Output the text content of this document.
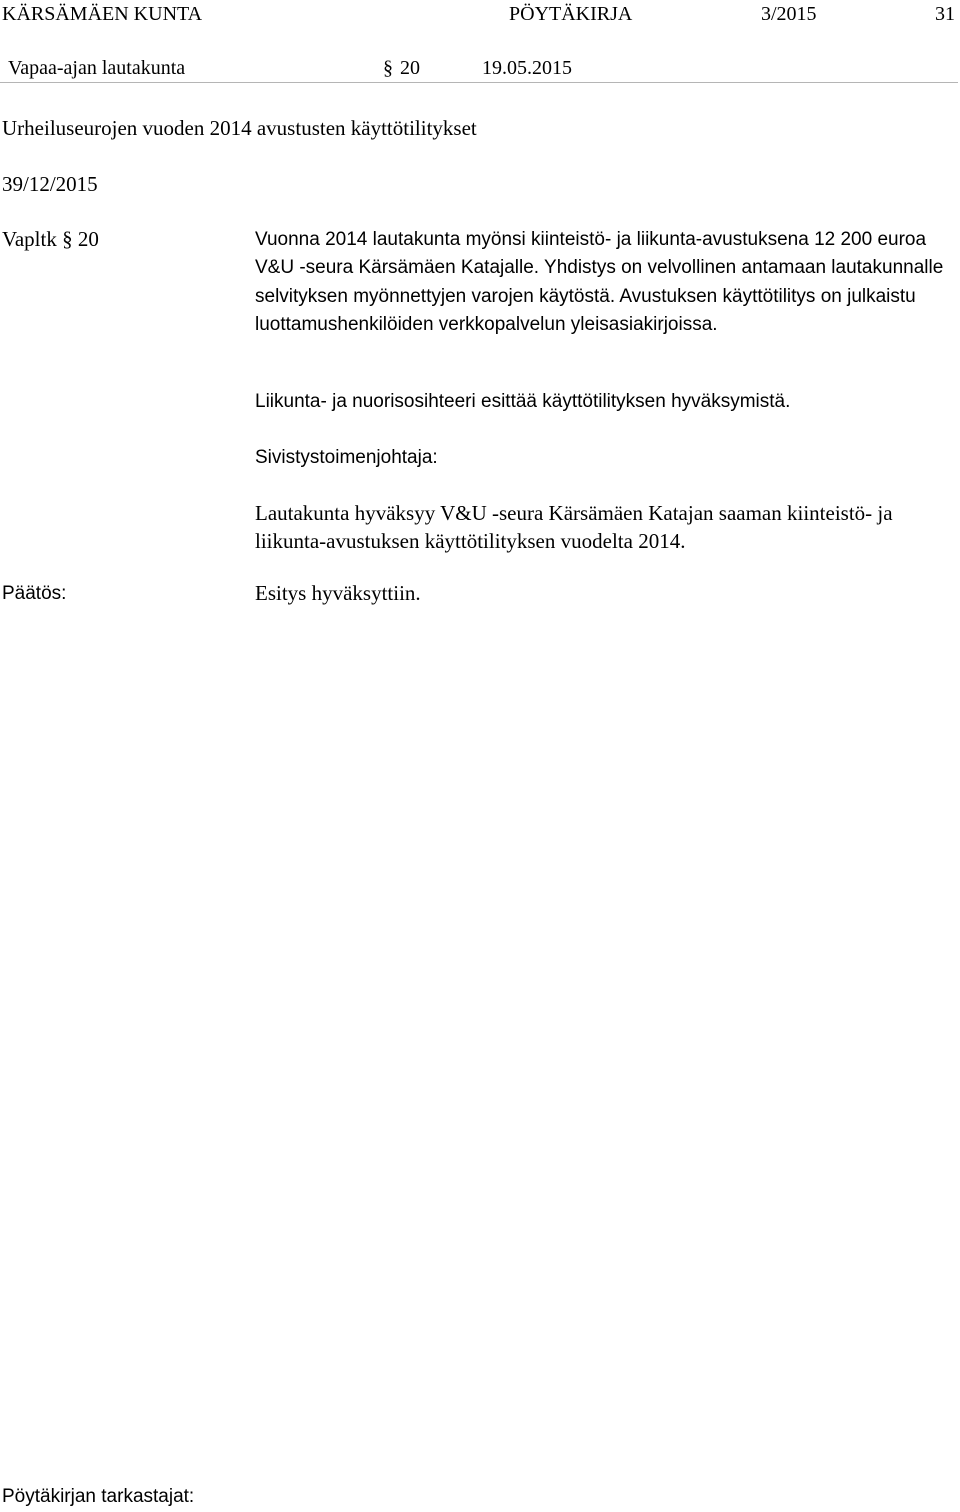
KÄRSÄMÄEN KUNTA	PÖYTÄKIRJA	3/2015	31
Vapaa-ajan lautakunta	§ 20	19.05.2015
Urheiluseurojen vuoden 2014 avustusten käyttötilitykset
39/12/2015
Vapltk § 20	Vuonna 2014 lautakunta myönsi kiinteistö- ja liikunta-avustuksena 12 200 euroa V&U -seura Kärsämäen Katajalle. Yhdistys on velvollinen antamaan lautakunnalle selvityksen myönnettyjen varojen käytöstä. Avustuksen käyttötilitys on julkaistu luottamushenkilöiden verkkopalvelun yleisasiakirjoissa.
Liikunta- ja nuorisosihteeri esittää käyttötilityksen hyväksymistä.
Sivistystoimenjohtaja:
Lautakunta hyväksyy V&U -seura Kärsämäen Katajan saaman kiinteistö- ja liikunta-avustuksen käyttötilityksen vuodelta 2014.
Päätös:	Esitys hyväksyttiin.
Pöytäkirjan tarkastajat:
